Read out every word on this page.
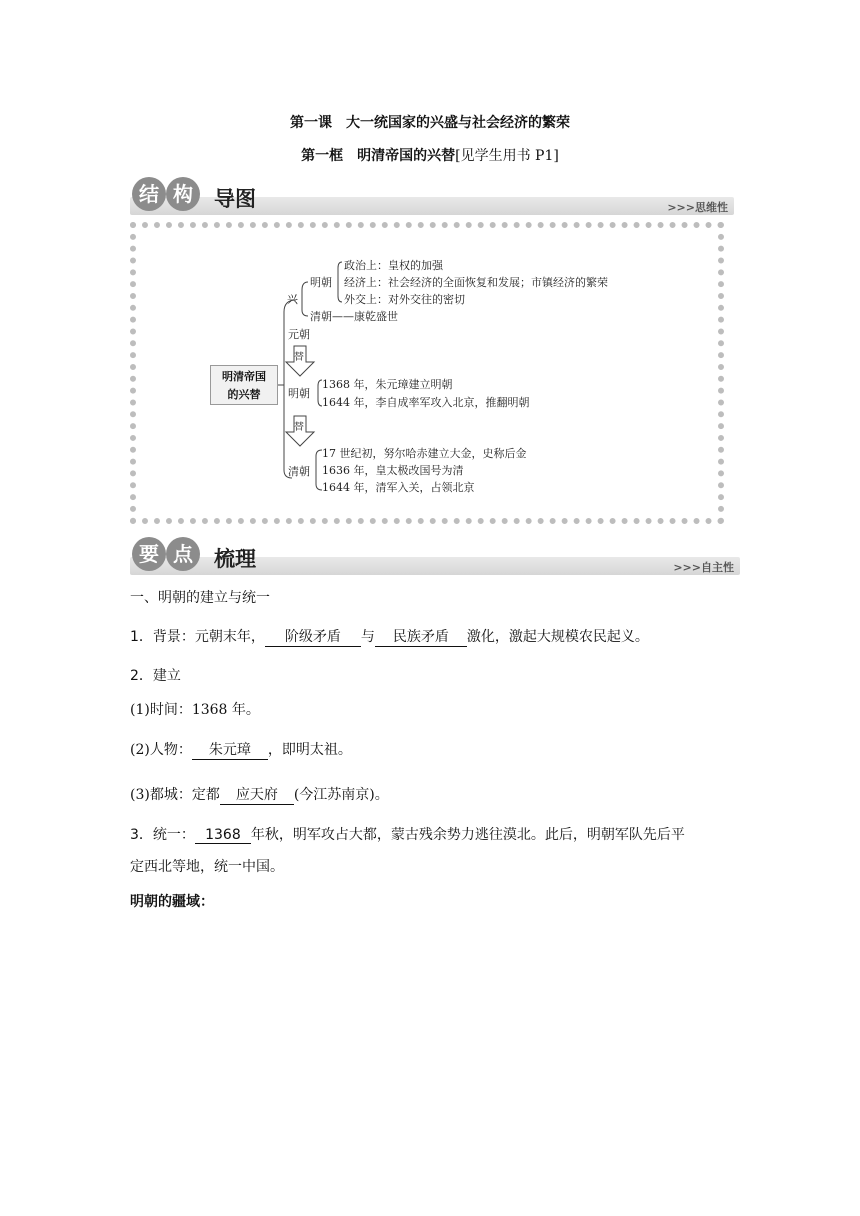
第一课　大一统国家的兴盛与社会经济的繁荣
第一框　明清帝国的兴替[见学生用书 P1]
结 构	导图	>>>思维性
明清帝国
的兴替
兴
明朝
政治上：皇权的加强
经济上：社会经济的全面恢复和发展；市镇经济的繁荣
外交上：对外交往的密切
清朝——康乾盛世
元朝
替
明朝
1368 年，朱元璋建立明朝
1644 年，李自成率军攻入北京，推翻明朝
替
清朝
17 世纪初，努尔哈赤建立大金，史称后金
1636 年，皇太极改国号为清
1644 年，清军入关，占领北京
要 点	梳理	>>>自主性
一、明朝的建立与统一
1．背景：元朝末年， 阶级矛盾 与 民族矛盾 激化，激起大规模农民起义。
2．建立
(1)时间：1368 年。
(2)人物： 朱元璋 ，即明太祖。
(3)都城：定都 应天府 (今江苏南京)。
3．统一： 1368 年秋，明军攻占大都，蒙古残余势力逃往漠北。此后，明朝军队先后平
定西北等地，统一中国。
明朝的疆域：
